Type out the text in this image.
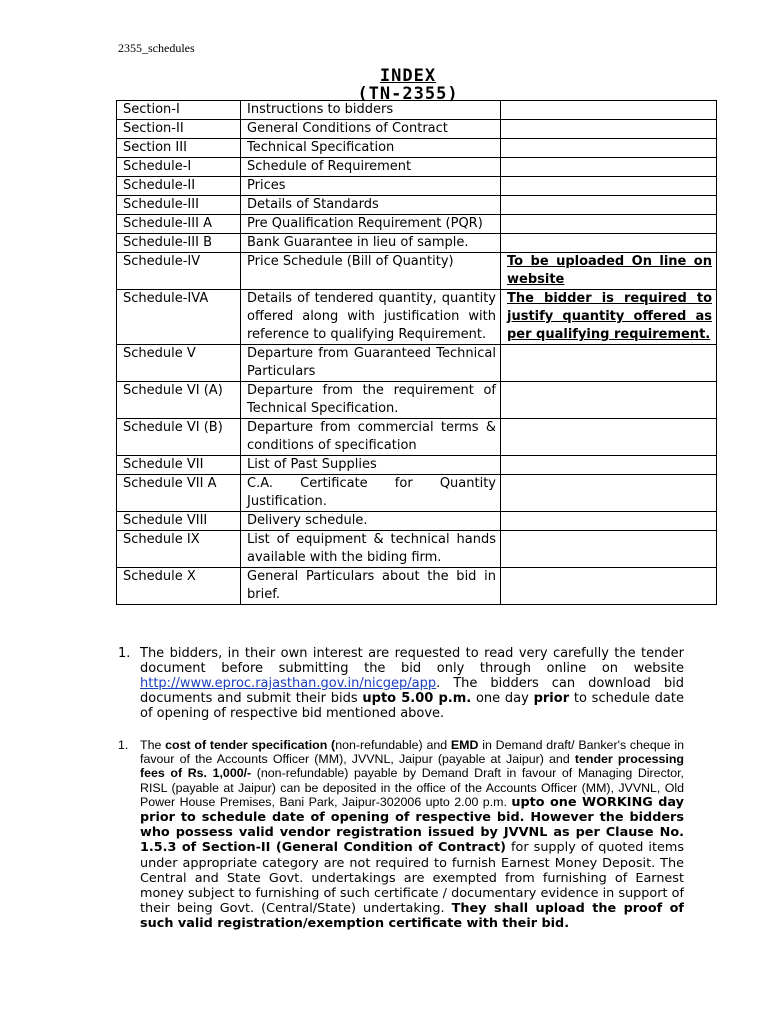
2355_schedules
INDEX
(TN-2355)
Section-I	Instructions to bidders	
Section-II	General Conditions of Contract	
Section III	Technical Specification	
Schedule-I	Schedule of Requirement	
Schedule-II	Prices	
Schedule-III	Details of Standards	
Schedule-III A	Pre Qualification Requirement (PQR)	
Schedule-III B	Bank Guarantee in lieu of sample.	
Schedule-IV	Price Schedule (Bill of Quantity)	To be uploaded On line on website
Schedule-IVA	Details of tendered quantity, quantity offered along with justification with reference to qualifying Requirement.	The bidder is required to justify quantity offered as per qualifying requirement.
Schedule V	Departure from Guaranteed Technical Particulars	
Schedule VI (A)	Departure from the requirement of Technical Specification.	
Schedule VI (B)	Departure from commercial terms & conditions of specification	
Schedule VII	List of Past Supplies	
Schedule VII A	C.A. Certificate for Quantity Justification.	
Schedule VIII	Delivery schedule.	
Schedule IX	List of equipment & technical hands available with the biding firm.	
Schedule X	General Particulars about the bid in brief.	
1. The bidders, in their own interest are requested to read very carefully the tender document before submitting the bid only through online on website http://www.eproc.rajasthan.gov.in/nicgep/app. The bidders can download bid documents and submit their bids upto 5.00 p.m. one day prior to schedule date of opening of respective bid mentioned above.
1. The cost of tender specification (non-refundable) and EMD in Demand draft/ Banker's cheque in favour of the Accounts Officer (MM), JVVNL, Jaipur (payable at Jaipur) and tender processing fees of Rs. 1,000/- (non-refundable) payable by Demand Draft in favour of Managing Director, RISL (payable at Jaipur) can be deposited in the office of the Accounts Officer (MM), JVVNL, Old Power House Premises, Bani Park, Jaipur-302006 upto 2.00 p.m. upto one WORKING day prior to schedule date of opening of respective bid. However the bidders who possess valid vendor registration issued by JVVNL as per Clause No. 1.5.3 of Section-II (General Condition of Contract) for supply of quoted items under appropriate category are not required to furnish Earnest Money Deposit. The Central and State Govt. undertakings are exempted from furnishing of Earnest money subject to furnishing of such certificate / documentary evidence in support of their being Govt. (Central/State) undertaking. They shall upload the proof of such valid registration/exemption certificate with their bid.
